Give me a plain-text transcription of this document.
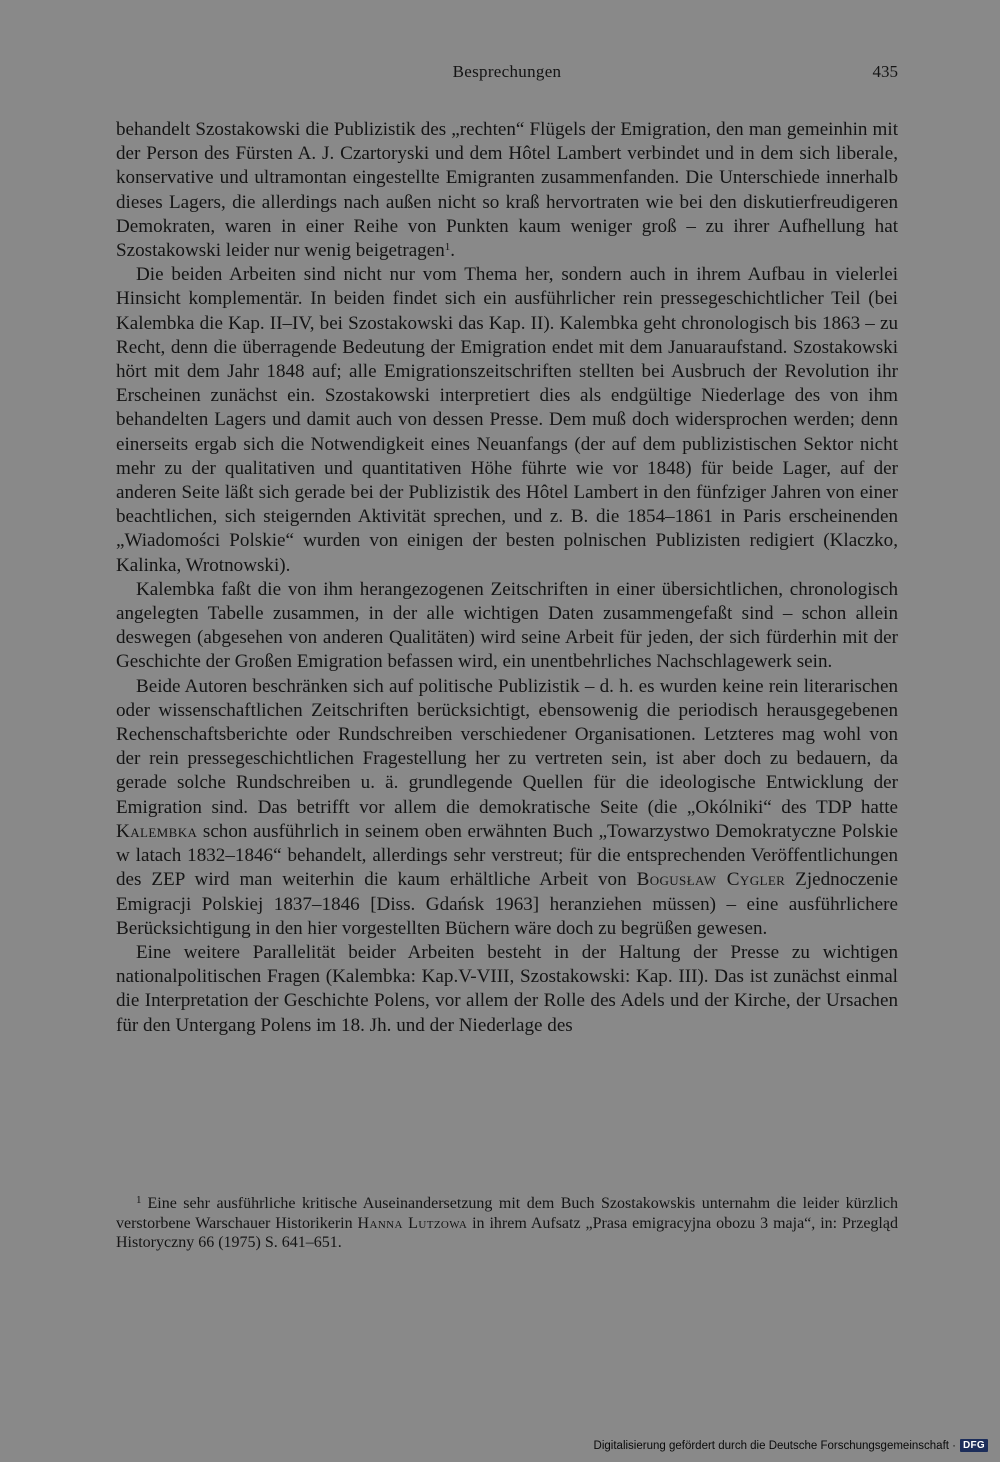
Besprechungen	435

behandelt Szostakowski die Publizistik des „rechten“ Flügels der Emigration, den man gemeinhin mit der Person des Fürsten A. J. Czartoryski und dem Hôtel Lambert verbindet und in dem sich liberale, konservative und ultramontan eingestellte Emigranten zusammenfanden. Die Unterschiede innerhalb dieses Lagers, die allerdings nach außen nicht so kraß hervortraten wie bei den diskutierfreudigeren Demokraten, waren in einer Reihe von Punkten kaum weniger groß – zu ihrer Aufhellung hat Szostakowski leider nur wenig beigetragen$^1$.

Die beiden Arbeiten sind nicht nur vom Thema her, sondern auch in ihrem Aufbau in vielerlei Hinsicht komplementär. In beiden findet sich ein ausführlicher rein pressegeschichtlicher Teil (bei Kalembka die Kap. II–IV, bei Szostakowski das Kap. II). Kalembka geht chronologisch bis 1863 – zu Recht, denn die überragende Bedeutung der Emigration endet mit dem Januaraufstand. Szostakowski hört mit dem Jahr 1848 auf; alle Emigrationszeitschriften stellten bei Ausbruch der Revolution ihr Erscheinen zunächst ein. Szostakowski interpretiert dies als endgültige Niederlage des von ihm behandelten Lagers und damit auch von dessen Presse. Dem muß doch widersprochen werden; denn einerseits ergab sich die Notwendigkeit eines Neuanfangs (der auf dem publizistischen Sektor nicht mehr zu der qualitativen und quantitativen Höhe führte wie vor 1848) für beide Lager, auf der anderen Seite läßt sich gerade bei der Publizistik des Hôtel Lambert in den fünfziger Jahren von einer beachtlichen, sich steigernden Aktivität sprechen, und z. B. die 1854–1861 in Paris erscheinenden „Wiadomości Polskie“ wurden von einigen der besten polnischen Publizisten redigiert (Klaczko, Kalinka, Wrotnowski).

Kalembka faßt die von ihm herangezogenen Zeitschriften in einer übersichtlichen, chronologisch angelegten Tabelle zusammen, in der alle wichtigen Daten zusammengefaßt sind – schon allein deswegen (abgesehen von anderen Qualitäten) wird seine Arbeit für jeden, der sich fürderhin mit der Geschichte der Großen Emigration befassen wird, ein unentbehrliches Nachschlagewerk sein.

Beide Autoren beschränken sich auf politische Publizistik – d. h. es wurden keine rein literarischen oder wissenschaftlichen Zeitschriften berücksichtigt, ebensowenig die periodisch herausgegebenen Rechenschaftsberichte oder Rundschreiben verschiedener Organisationen. Letzteres mag wohl von der rein pressegeschichtlichen Fragestellung her zu vertreten sein, ist aber doch zu bedauern, da gerade solche Rundschreiben u. ä. grundlegende Quellen für die ideologische Entwicklung der Emigration sind. Das betrifft vor allem die demokratische Seite (die „Okólniki“ des TDP hatte Kalembka schon ausführlich in seinem oben erwähnten Buch „Towarzystwo Demokratyczne Polskie w latach 1832–1846“ behandelt, allerdings sehr verstreut; für die entsprechenden Veröffentlichungen des ZEP wird man weiterhin die kaum erhältliche Arbeit von Bogusław Cygler Zjednoczenie Emigracji Polskiej 1837–1846 [Diss. Gdańsk 1963] heranziehen müssen) – eine ausführlichere Berücksichtigung in den hier vorgestellten Büchern wäre doch zu begrüßen gewesen.

Eine weitere Parallelität beider Arbeiten besteht in der Haltung der Presse zu wichtigen nationalpolitischen Fragen (Kalembka: Kap.V-VIII, Szostakowski: Kap. III). Das ist zunächst einmal die Interpretation der Geschichte Polens, vor allem der Rolle des Adels und der Kirche, der Ursachen für den Untergang Polens im 18. Jh. und der Niederlage des

$^1$ Eine sehr ausführliche kritische Auseinandersetzung mit dem Buch Szostakowskis unternahm die leider kürzlich verstorbene Warschauer Historikerin Hanna Lutzowa in ihrem Aufsatz „Prasa emigracyjna obozu 3 maja“, in: Przegląd Historyczny 66 (1975) S. 641–651.

Digitalisierung gefördert durch die Deutsche Forschungsgemeinschaft · DFG
